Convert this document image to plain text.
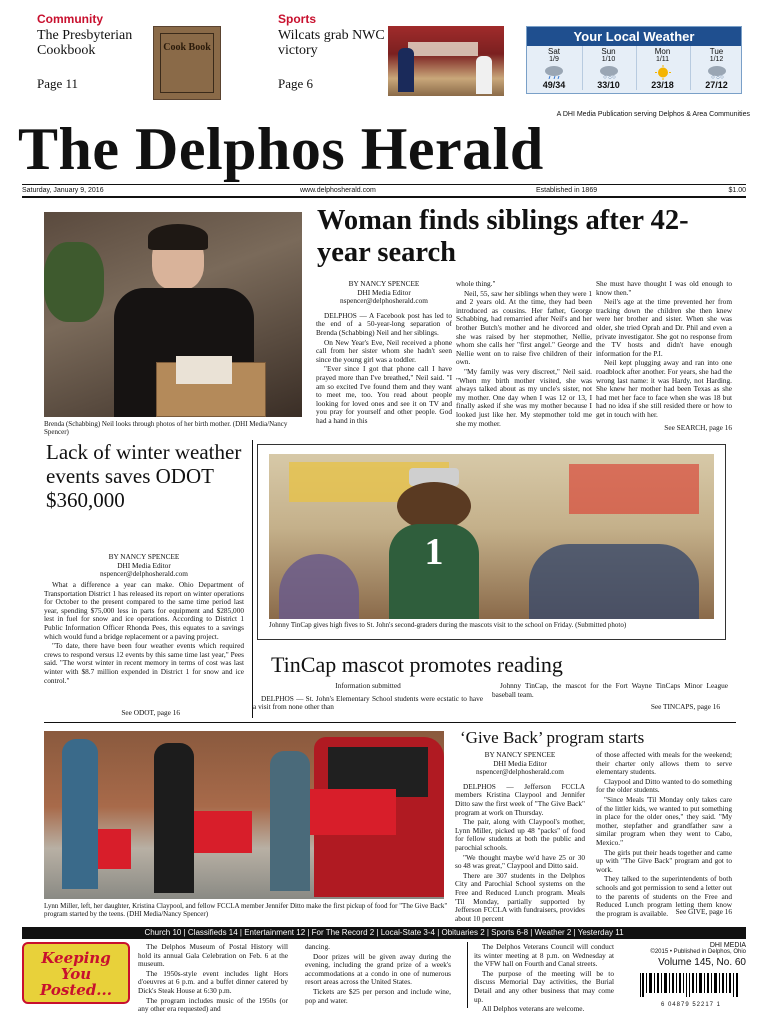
Community
The Presbyterian Cookbook
Page 11
Cook Book
Sports
Wilcats grab NWC victory
Page 6
Your Local Weather
Sat
1/9
49/34
Sun
1/10
33/10
Mon
1/11
23/18
Tue
1/12
27/12
A DHI Media Publication serving Delphos & Area Communities
The Delphos Herald
Saturday, January 9, 2016	www.delphosherald.com	Established in 1869	$1.00
Brenda (Schabbing) Neil looks through photos of her birth mother. (DHI Media/Nancy Spencer)
Woman finds siblings after 42-year search
BY NANCY SPENCEE
DHI Media Editor
nspencer@delphosherald.com

DELPHOS — A Facebook post has led to the end of a 50-year-long separation of Brenda (Schabbing) Neil and her siblings.

On New Year's Eve, Neil received a phone call from her sister whom she hadn't seen since the young girl was a toddler.

"Ever since I got that phone call I have prayed more than I've breathed," Neil said. "I am so excited I've found them and they want to meet me, too. You read about people looking for loved ones and see it on TV and you pray for yourself and other people. God had a hand in this

whole thing."

Neil, 55, saw her siblings when they were 1 and 2 years old. At the time, they had been introduced as cousins. Her father, George Schabbing, had remarried after Neil's and her brother Butch's mother and he divorced and she was raised by her stepmother, Nellie, whom she calls her "first angel." George and Nellie went on to raise five children of their own.

"My family was very discreet," Neil said. "When my birth mother visited, she was always talked about as my uncle's sister, not my mother. One day when I was 12 or 13, I finally asked if she was my mother because I looked just like her. My stepmother told me she my mother.

She must have thought I was old enough to know then."

Neil's age at the time prevented her from tracking down the children she then knew were her brother and sister. When she was older, she tried Oprah and Dr. Phil and even a private investigator. She got no response from the TV hosts and didn't have enough information for the P.I.

Neil kept plugging away and ran into one roadblock after another. For years, she had the wrong last name: it was Hardy, not Harding. She knew her mother had been Texas as she had met her face to face when she was 18 but had no idea if she still resided there or how to get in touch with her.

See SEARCH, page 16
Lack of winter weather events saves ODOT $360,000
BY NANCY SPENCEE
DHI Media Editor
nspencer@delphosherald.com

What a difference a year can make. Ohio Department of Transportation District 1 has released its report on winter operations for October to the present compared to the same time period last year, spending $75,000 less in parts for equipment and $285,000 lest in fuel for snow and ice operations. According to District 1 Public Information Officer Rhonda Pees, this equates to a savings which would fund a bridge replacement or a paving project.

"To date, there have been four weather events which required crews to respond versus 12 events by this same time last year," Pees said. "The worst winter in recent memory in terms of cost was last winter with $8.7 million expended in District 1 for snow and ice control."

See ODOT, page 16
1
Johnny TinCap gives high fives to St. John's second-graders during the mascots visit to the school on Friday. (Submitted photo)
TinCap mascot promotes reading
Information submitted

DELPHOS — St. John's Elementary School students were ecstatic to have a visit from none other than

Johnny TinCap, the mascot for the Fort Wayne TinCaps Minor League baseball team.

See TINCAPS, page 16
Lynn Miller, left, her daughter, Kristina Claypool, and fellow FCCLA member Jennifer Ditto make the first pickup of food for "The Give Back" program started by the teens. (DHI Media/Nancy Spencer)
‘Give Back’ program starts
BY NANCY SPENCEE
DHI Media Editor
nspencer@delphosherald.com

DELPHOS — Jefferson FCCLA members Kristina Claypool and Jennifer Ditto saw the first week of "The Give Back" program at work on Thursday.

The pair, along with Claypool's mother, Lynn Miller, picked up 48 "packs" of food for fellow students at both the public and parochial schools.

"We thought maybe we'd have 25 or 30 so 48 was great," Claypool and Ditto said.

There are 307 students in the Delphos City and Parochial School systems on the Free and Reduced Lunch program. Meals 'Til Monday, partially supported by Jefferson FCCLA with fundraisers, provides about 10 percent

of those affected with meals for the weekend; their charter only allows them to serve elementary students.

Claypool and Ditto wanted to do something for the older students.

"Since Meals 'Til Monday only takes care of the littler kids, we wanted to put something in place for the older ones," they said. "My mother, stepfather and grandfather saw a similar program when they went to Cabo, Mexico."

The girls put their heads together and came up with "The Give Back" program and got to work.

They talked to the superintendents of both schools and got permission to send a letter out to the parents of students on the Free and Reduced Lunch program letting them know the program is available.	See GIVE, page 16
Church 10 | Classifieds 14 | Entertainment 12 | For The Record 2 | Local-State 3-4 | Obituaries 2 | Sports 6-8 | Weather 2 | Yesterday 11
Keeping You Posted...

The Delphos Museum of Postal History will hold its annual Gala Celebration on Feb. 6 at the museum.

The 1950s-style event includes light Hors d'oeuvres at 6 p.m. and a buffet dinner catered by Dick's Steak House at 6:30 p.m.

The program includes music of the 1950s (or any other era requested) and

dancing.

Door prizes will be given away during the evening, including the grand prize of a week's accommodations at a condo in one of numerous resort areas across the United States.

Tickets are $25 per person and include wine, pop and water.

The Delphos Veterans Council will conduct its winter meeting at 8 p.m. on Wednesday at the VFW hall on Fourth and Canal streets.

The purpose of the meeting will be to discuss Memorial Day activities, the Burial Detail and any other business that may come up.

All Delphos veterans are welcome.

DHI MEDIA
©2015 • Published in Delphos, Ohio
Volume 145, No. 60
6 04879 52217 1
